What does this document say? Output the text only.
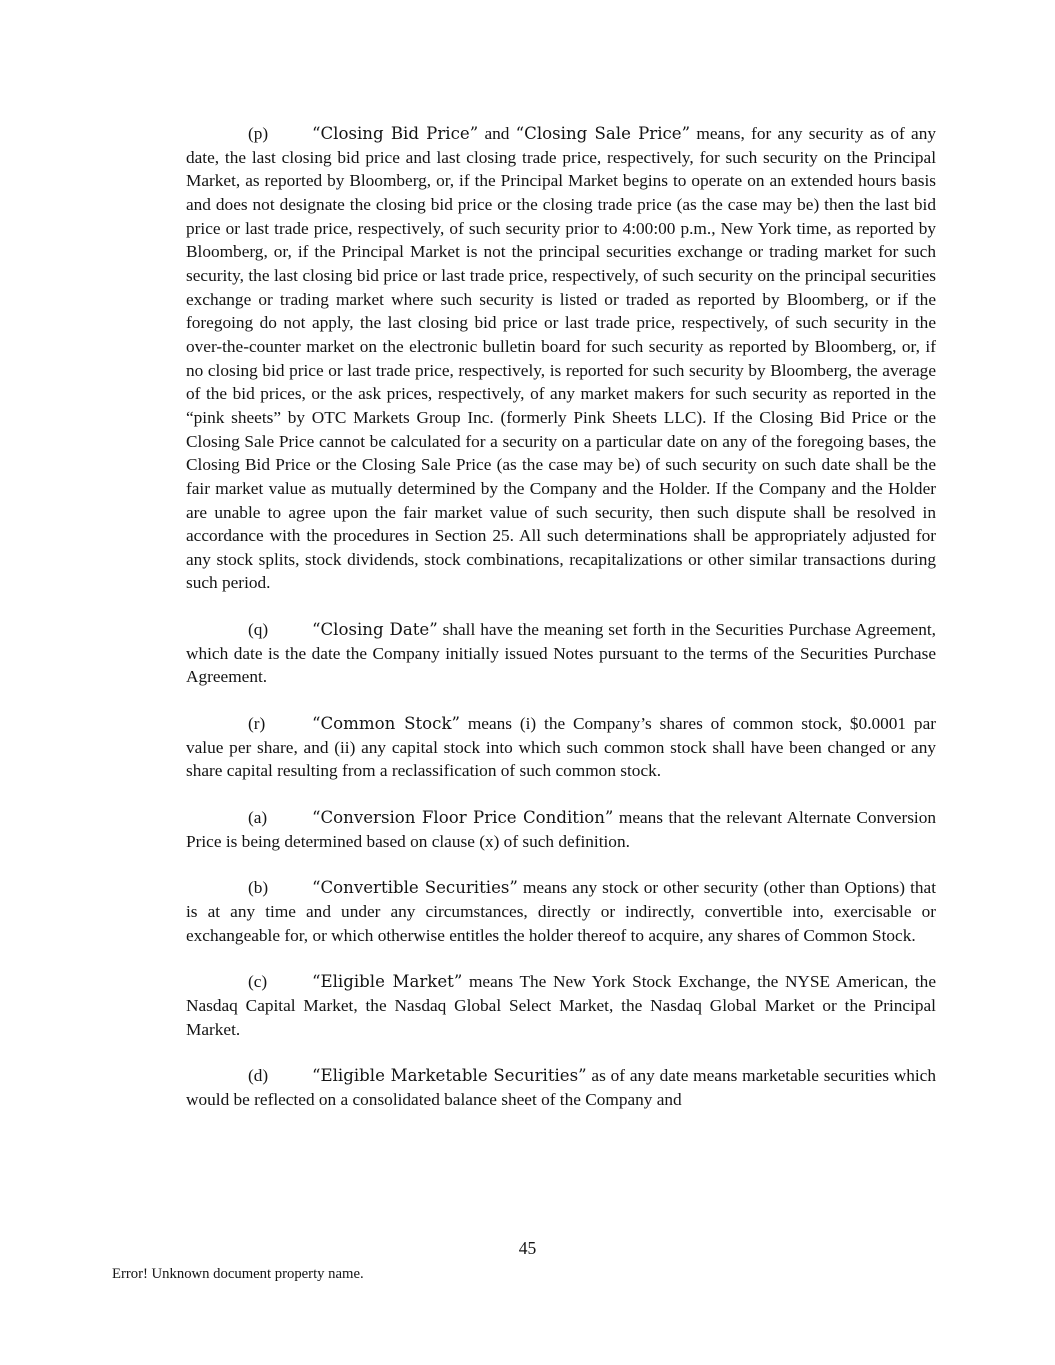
(p)	“Closing Bid Price” and “Closing Sale Price” means, for any security as of any date, the last closing bid price and last closing trade price, respectively, for such security on the Principal Market, as reported by Bloomberg, or, if the Principal Market begins to operate on an extended hours basis and does not designate the closing bid price or the closing trade price (as the case may be) then the last bid price or last trade price, respectively, of such security prior to 4:00:00 p.m., New York time, as reported by Bloomberg, or, if the Principal Market is not the principal securities exchange or trading market for such security, the last closing bid price or last trade price, respectively, of such security on the principal securities exchange or trading market where such security is listed or traded as reported by Bloomberg, or if the foregoing do not apply, the last closing bid price or last trade price, respectively, of such security in the over-the-counter market on the electronic bulletin board for such security as reported by Bloomberg, or, if no closing bid price or last trade price, respectively, is reported for such security by Bloomberg, the average of the bid prices, or the ask prices, respectively, of any market makers for such security as reported in the “pink sheets” by OTC Markets Group Inc. (formerly Pink Sheets LLC). If the Closing Bid Price or the Closing Sale Price cannot be calculated for a security on a particular date on any of the foregoing bases, the Closing Bid Price or the Closing Sale Price (as the case may be) of such security on such date shall be the fair market value as mutually determined by the Company and the Holder. If the Company and the Holder are unable to agree upon the fair market value of such security, then such dispute shall be resolved in accordance with the procedures in Section 25. All such determinations shall be appropriately adjusted for any stock splits, stock dividends, stock combinations, recapitalizations or other similar transactions during such period.

(q)	“Closing Date” shall have the meaning set forth in the Securities Purchase Agreement, which date is the date the Company initially issued Notes pursuant to the terms of the Securities Purchase Agreement.

(r)	“Common Stock” means (i) the Company’s shares of common stock, $0.0001 par value per share, and (ii) any capital stock into which such common stock shall have been changed or any share capital resulting from a reclassification of such common stock.

(a)	“Conversion Floor Price Condition” means that the relevant Alternate Conversion Price is being determined based on clause (x) of such definition.

(b)	“Convertible Securities” means any stock or other security (other than Options) that is at any time and under any circumstances, directly or indirectly, convertible into, exercisable or exchangeable for, or which otherwise entitles the holder thereof to acquire, any shares of Common Stock.

(c)	“Eligible Market” means The New York Stock Exchange, the NYSE American, the Nasdaq Capital Market, the Nasdaq Global Select Market, the Nasdaq Global Market or the Principal Market.

(d)	“Eligible Marketable Securities” as of any date means marketable securities which would be reflected on a consolidated balance sheet of the Company and

45
Error! Unknown document property name.
